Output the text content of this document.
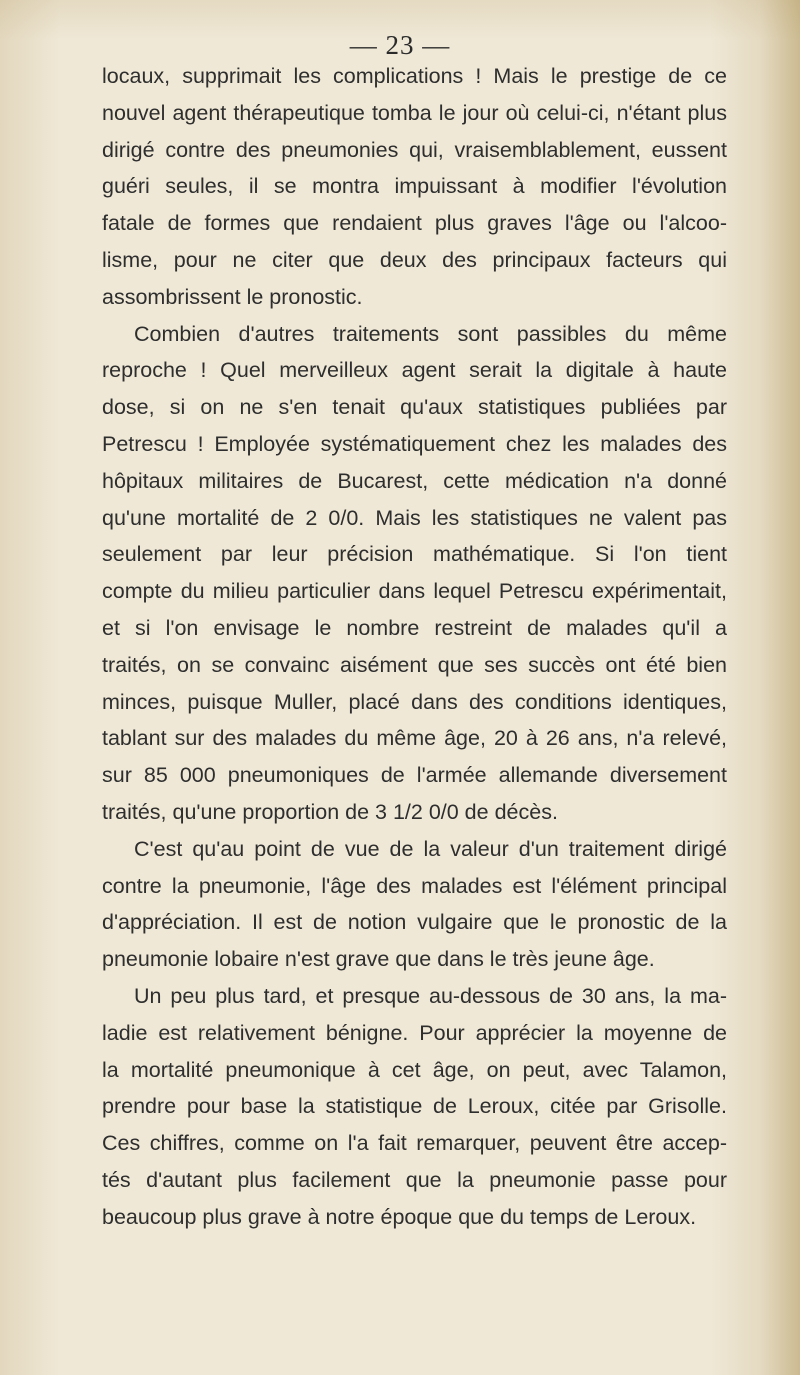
— 23 —
locaux, supprimait les complications ! Mais le prestige de ce
nouvel agent thérapeutique tomba le jour où celui-ci, n'étant plus
dirigé contre des pneumonies qui, vraisemblablement, eussent
guéri seules, il se montra impuissant à modifier l'évolution
fatale de formes que rendaient plus graves l'âge ou l'alcoo-
lisme, pour ne citer que deux des principaux facteurs qui
assombrissent le pronostic.
Combien d'autres traitements sont passibles du même
reproche ! Quel merveilleux agent serait la digitale à haute
dose, si on ne s'en tenait qu'aux statistiques publiées par
Petrescu ! Employée systématiquement chez les malades des
hôpitaux militaires de Bucarest, cette médication n'a donné
qu'une mortalité de 2 0/0. Mais les statistiques ne valent pas
seulement par leur précision mathématique. Si l'on tient
compte du milieu particulier dans lequel Petrescu expérimentait,
et si l'on envisage le nombre restreint de malades qu'il a
traités, on se convainc aisément que ses succès ont été bien
minces, puisque Muller, placé dans des conditions identiques,
tablant sur des malades du même âge, 20 à 26 ans, n'a relevé,
sur 85 000 pneumoniques de l'armée allemande diversement
traités, qu'une proportion de 3 1/2 0/0 de décès.
C'est qu'au point de vue de la valeur d'un traitement dirigé
contre la pneumonie, l'âge des malades est l'élément principal
d'appréciation. Il est de notion vulgaire que le pronostic de la
pneumonie lobaire n'est grave que dans le très jeune âge.
Un peu plus tard, et presque au-dessous de 30 ans, la ma-
ladie est relativement bénigne. Pour apprécier la moyenne de
la mortalité pneumonique à cet âge, on peut, avec Talamon,
prendre pour base la statistique de Leroux, citée par Grisolle.
Ces chiffres, comme on l'a fait remarquer, peuvent être accep-
tés d'autant plus facilement que la pneumonie passe pour
beaucoup plus grave à notre époque que du temps de Leroux.
